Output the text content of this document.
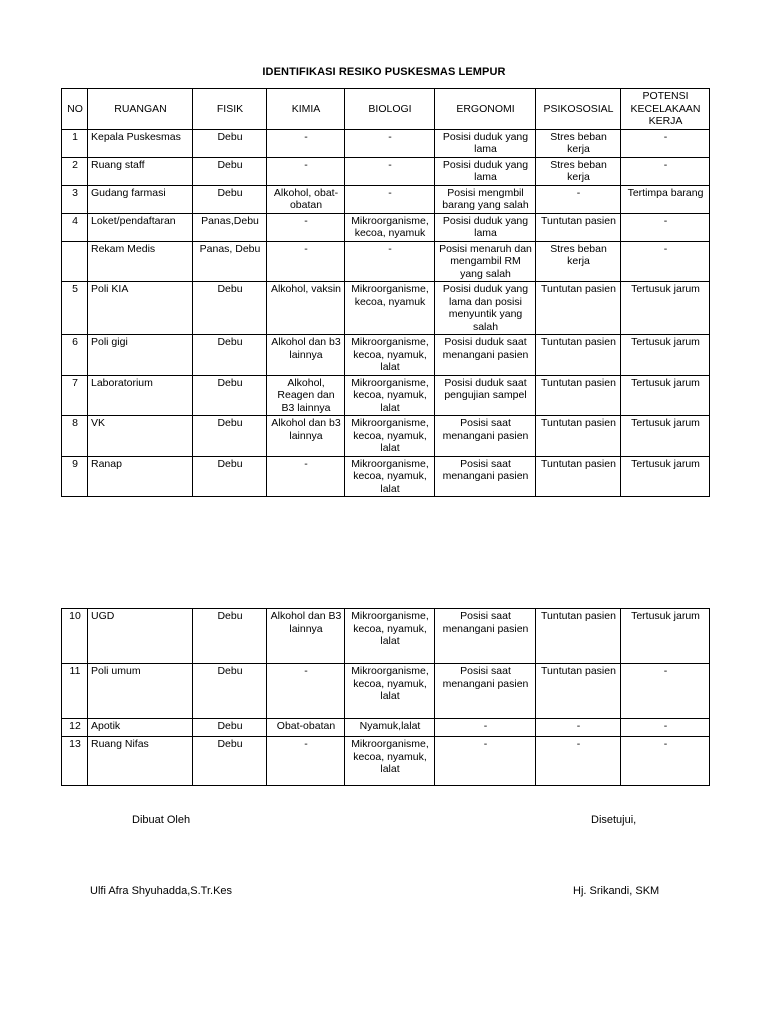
IDENTIFIKASI RESIKO PUSKESMAS LEMPUR
NO	RUANGAN	FISIK	KIMIA	BIOLOGI	ERGONOMI	PSIKOSOSIAL	POTENSI KECELAKAAN KERJA
1	Kepala Puskesmas	Debu	-	-	Posisi duduk yang lama	Stres beban kerja	-
2	Ruang staff	Debu	-	-	Posisi duduk yang lama	Stres beban kerja	-
3	Gudang farmasi	Debu	Alkohol, obat-obatan	-	Posisi mengmbil barang yang salah	-	Tertimpa barang
4	Loket/pendaftaran	Panas,Debu	-	Mikroorganisme, kecoa, nyamuk	Posisi duduk yang lama	Tuntutan pasien	-
	Rekam Medis	Panas, Debu	-	-	Posisi menaruh dan mengambil RM yang salah	Stres beban kerja	-
5	Poli KIA	Debu	Alkohol, vaksin	Mikroorganisme, kecoa, nyamuk	Posisi duduk yang lama dan posisi menyuntik yang salah	Tuntutan pasien	Tertusuk jarum
6	Poli gigi	Debu	Alkohol dan b3 lainnya	Mikroorganisme, kecoa, nyamuk, lalat	Posisi duduk saat menangani pasien	Tuntutan pasien	Tertusuk jarum
7	Laboratorium	Debu	Alkohol, Reagen dan B3 lainnya	Mikroorganisme, kecoa, nyamuk, lalat	Posisi duduk saat pengujian sampel	Tuntutan pasien	Tertusuk jarum
8	VK	Debu	Alkohol dan b3 lainnya	Mikroorganisme, kecoa, nyamuk, lalat	Posisi saat menangani pasien	Tuntutan pasien	Tertusuk jarum
9	Ranap	Debu	-	Mikroorganisme, kecoa, nyamuk, lalat	Posisi saat menangani pasien	Tuntutan pasien	Tertusuk jarum
10	UGD	Debu	Alkohol dan B3 lainnya	Mikroorganisme, kecoa, nyamuk, lalat	Posisi saat menangani pasien	Tuntutan pasien	Tertusuk jarum
11	Poli umum	Debu	-	Mikroorganisme, kecoa, nyamuk, lalat	Posisi saat menangani pasien	Tuntutan pasien	-
12	Apotik	Debu	Obat-obatan	Nyamuk,lalat	-	-	-
13	Ruang Nifas	Debu	-	Mikroorganisme, kecoa, nyamuk, lalat	-	-	-
Dibuat Oleh	Disetujui,
Ulfi Afra Shyuhadda,S.Tr.Kes	Hj. Srikandi, SKM
